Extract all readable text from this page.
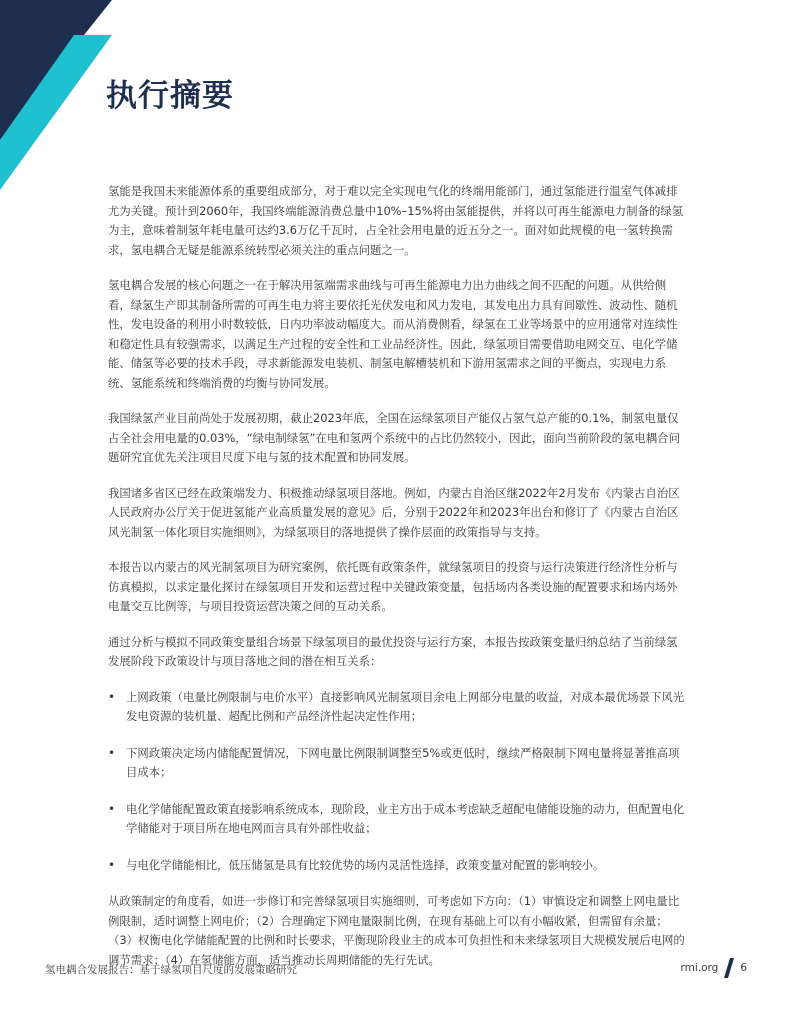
执行摘要

氢能是我国未来能源体系的重要组成部分，对于难以完全实现电气化的终端用能部门，通过氢能进行温室气体减排尤为关键。预计到2060年，我国终端能源消费总量中10%–15%将由氢能提供，并将以可再生能源电力制备的绿氢为主，意味着制氢年耗电量可达约3.6万亿千瓦时，占全社会用电量的近五分之一。面对如此规模的电一氢转换需求，氢电耦合无疑是能源系统转型必须关注的重点问题之一。

氢电耦合发展的核心问题之一在于解决用氢端需求曲线与可再生能源电力出力曲线之间不匹配的问题。从供给侧看，绿氢生产即其制备所需的可再生电力将主要依托光伏发电和风力发电，其发电出力具有间歇性、波动性、随机性，发电设备的利用小时数较低，日内功率波动幅度大。而从消费侧看，绿氢在工业等场景中的应用通常对连续性和稳定性具有较强需求，以满足生产过程的安全性和工业品经济性。因此，绿氢项目需要借助电网交互、电化学储能、储氢等必要的技术手段，寻求新能源发电装机、制氢电解槽装机和下游用氢需求之间的平衡点，实现电力系统、氢能系统和终端消费的均衡与协同发展。

我国绿氢产业目前尚处于发展初期，截止2023年底，全国在运绿氢项目产能仅占氢气总产能的0.1%，制氢电量仅占全社会用电量的0.03%，“绿电制绿氢”在电和氢两个系统中的占比仍然较小，因此，面向当前阶段的氢电耦合问题研究宜优先关注项目尺度下电与氢的技术配置和协同发展。

我国诸多省区已经在政策端发力、积极推动绿氢项目落地。例如，内蒙古自治区继2022年2月发布《内蒙古自治区人民政府办公厅关于促进氢能产业高质量发展的意见》后，分别于2022年和2023年出台和修订了《内蒙古自治区风光制氢一体化项目实施细则》，为绿氢项目的落地提供了操作层面的政策指导与支持。

本报告以内蒙古的风光制氢项目为研究案例，依托既有政策条件，就绿氢项目的投资与运行决策进行经济性分析与仿真模拟，以求定量化探讨在绿氢项目开发和运营过程中关键政策变量，包括场内各类设施的配置要求和场内场外电量交互比例等，与项目投资运营决策之间的互动关系。

通过分析与模拟不同政策变量组合场景下绿氢项目的最优投资与运行方案，本报告按政策变量归纳总结了当前绿氢发展阶段下政策设计与项目落地之间的潜在相互关系：

• 上网政策（电量比例限制与电价水平）直接影响风光制氢项目余电上网部分电量的收益，对成本最优场景下风光发电资源的装机量、超配比例和产品经济性起决定性作用；
• 下网政策决定场内储能配置情况，下网电量比例限制调整至5%或更低时，继续严格限制下网电量将显著推高项目成本；
• 电化学储能配置政策直接影响系统成本，现阶段，业主方出于成本考虑缺乏超配电储能设施的动力，但配置电化学储能对于项目所在地电网而言具有外部性收益；
• 与电化学储能相比，低压储氢是具有比较优势的场内灵活性选择，政策变量对配置的影响较小。

从政策制定的角度看，如进一步修订和完善绿氢项目实施细则，可考虑如下方向：（1）审慎设定和调整上网电量比例限制，适时调整上网电价；（2）合理确定下网电量限制比例，在现有基础上可以有小幅收紧，但需留有余量；（3）权衡电化学储能配置的比例和时长要求，平衡现阶段业主的成本可负担性和未来绿氢项目大规模发展后电网的调节需求；（4）在氢储能方面，适当推动长周期储能的先行先试。

氢电耦合发展报告：基于绿氢项目尺度的发展策略研究	rmi.org 6
